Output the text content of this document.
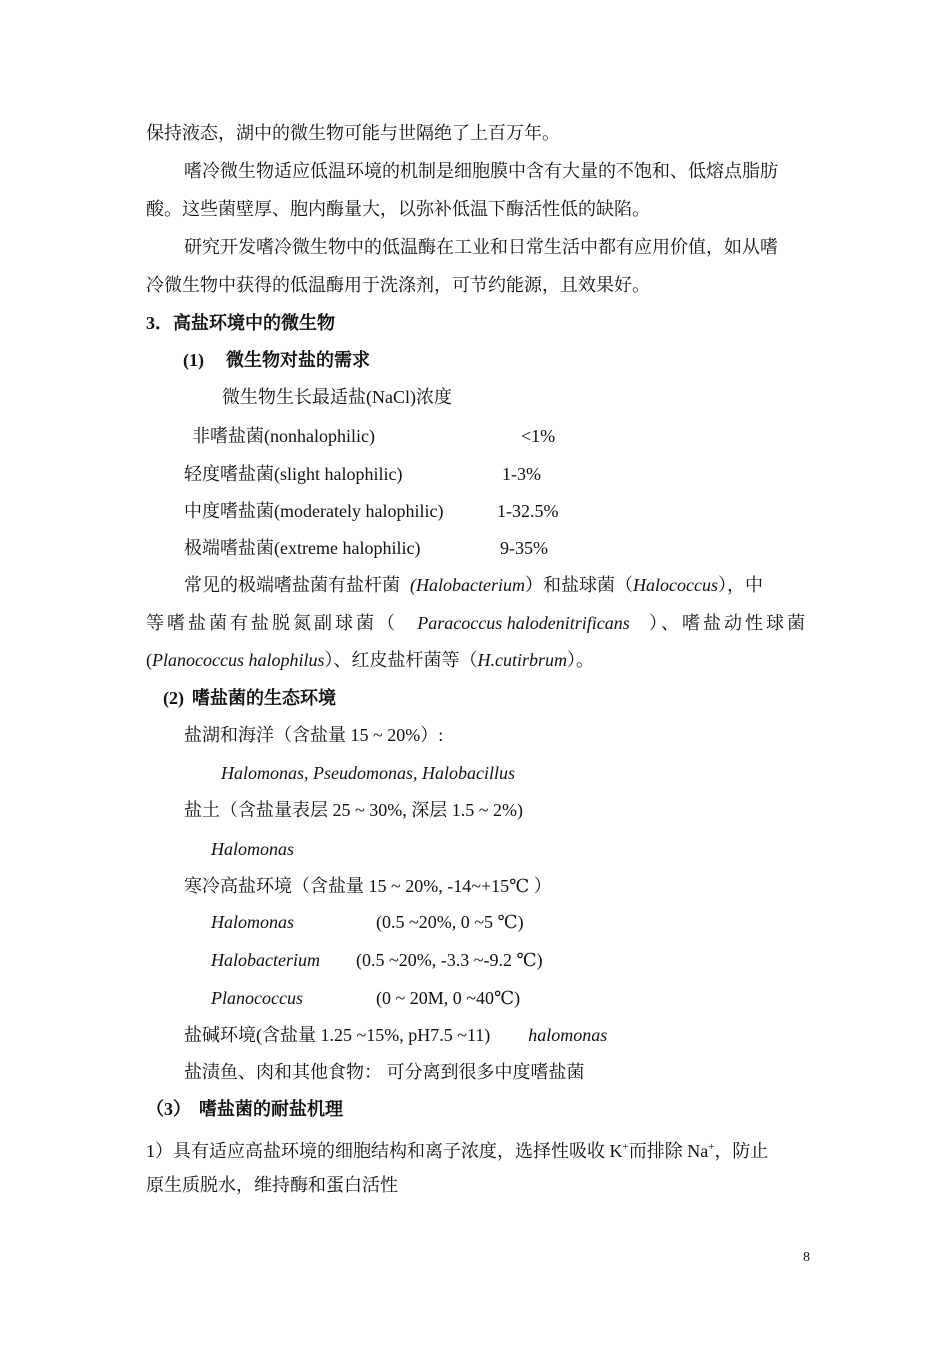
保持液态，湖中的微生物可能与世隔绝了上百万年。
嗜冷微生物适应低温环境的机制是细胞膜中含有大量的不饱和、低熔点脂肪
酸。这些菌壁厚、胞内酶量大，以弥补低温下酶活性低的缺陷。
研究开发嗜冷微生物中的低温酶在工业和日常生活中都有应用价值，如从嗜
冷微生物中获得的低温酶用于洗涤剂，可节约能源，且效果好。
3．高盐环境中的微生物
(1) 微生物对盐的需求
微生物生长最适盐(NaCl)浓度
非嗜盐菌(nonhalophilic)	<1%
轻度嗜盐菌(slight halophilic)	1-3%
中度嗜盐菌(moderately halophilic)	1-32.5%
极端嗜盐菌(extreme halophilic)	9-35%
常见的极端嗜盐菌有盐杆菌 (Halobacterium）和盐球菌（Halococcus），中
等嗜盐菌有盐脱氮副球菌（ Paracoccus halodenitrificans ）、嗜盐动性球菌
(Planococcus halophilus）、红皮盐杆菌等（H.cutirbrum）。
(2) 嗜盐菌的生态环境
盐湖和海洋（含盐量 15 ~ 20%）:
Halomonas, Pseudomonas, Halobacillus
盐土（含盐量表层 25 ~ 30%, 深层 1.5 ~ 2%)
Halomonas
寒冷高盐环境（含盐量 15 ~ 20%, -14~+15℃ ）
Halomonas	(0.5 ~20%, 0 ~5 ℃)
Halobacterium (0.5 ~20%, -3.3 ~-9.2 ℃)
Planococcus	(0 ~ 20M, 0 ~40℃)
盐碱环境(含盐量 1.25 ~15%, pH7.5 ~11) halomonas
盐渍鱼、肉和其他食物： 可分离到很多中度嗜盐菌
（3） 嗜盐菌的耐盐机理
1）具有适应高盐环境的细胞结构和离子浓度，选择性吸收 K+而排除 Na+，防止
原生质脱水，维持酶和蛋白活性
8
